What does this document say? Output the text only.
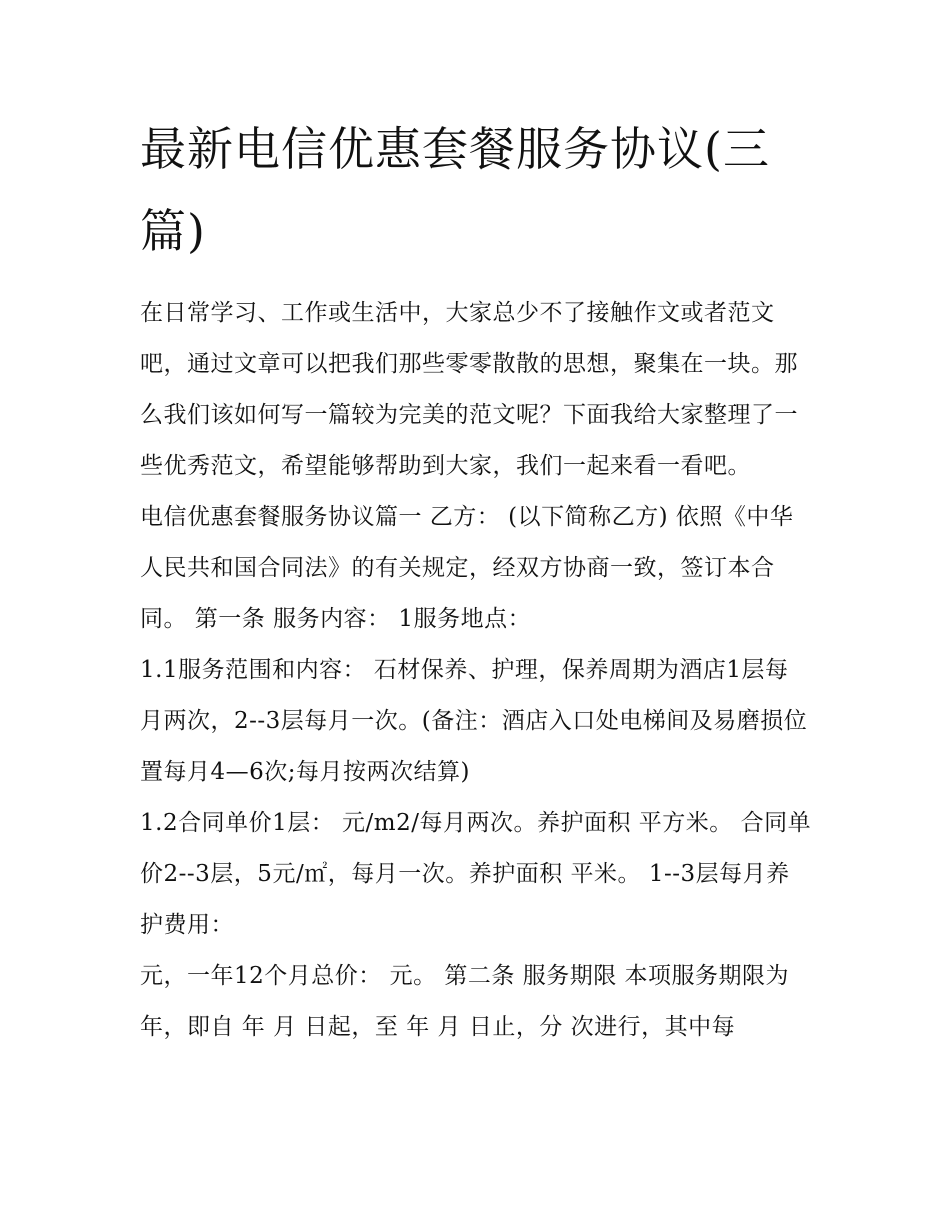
最新电信优惠套餐服务协议(三篇)

在日常学习、工作或生活中，大家总少不了接触作文或者范文吧，通过文章可以把我们那些零零散散的思想，聚集在一块。那么我们该如何写一篇较为完美的范文呢？下面我给大家整理了一些优秀范文，希望能够帮助到大家，我们一起来看一看吧。

电信优惠套餐服务协议篇一 乙方： (以下简称乙方) 依照《中华人民共和国合同法》的有关规定，经双方协商一致，签订本合同。 第一条 服务内容： 1服务地点：

1.1服务范围和内容： 石材保养、护理，保养周期为酒店1层每月两次，2--3层每月一次。(备注：酒店入口处电梯间及易磨损位置每月4—6次;每月按两次结算)

1.2合同单价1层： 元/m2/每月两次。养护面积 平方米。 合同单价2--3层，5元/㎡，每月一次。养护面积 平米。 1--3层每月养护费用：

元，一年12个月总价： 元。 第二条 服务期限 本项服务期限为 年，即自 年 月 日起，至 年 月 日止，分 次进行，其中每
